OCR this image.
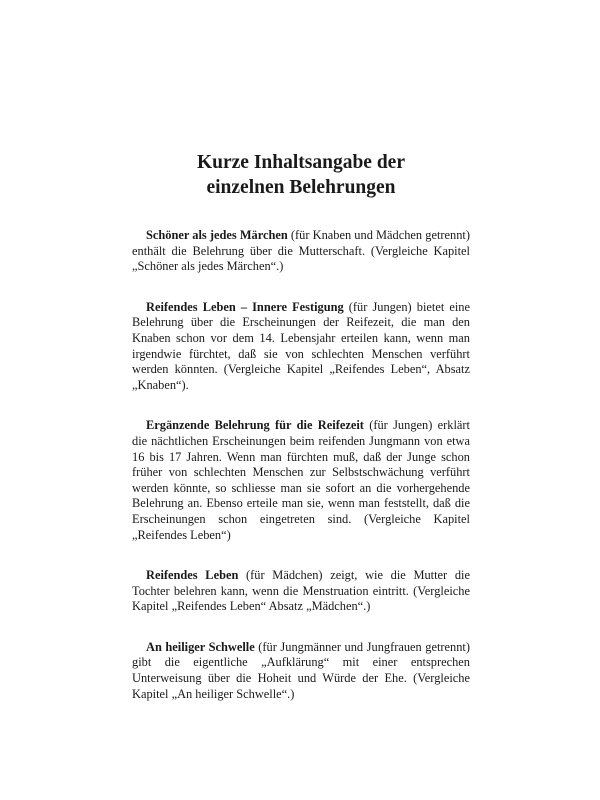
Kurze Inhaltsangabe der
einzelnen Belehrungen

Schöner als jedes Märchen (für Knaben und Mädchen getrennt) enthält die Belehrung über die Mutterschaft. (Vergleiche Kapitel „Schöner als jedes Märchen“.)

Reifendes Leben – Innere Festigung (für Jungen) bietet eine Belehrung über die Erscheinungen der Reifezeit, die man den Knaben schon vor dem 14. Lebensjahr erteilen kann, wenn man irgendwie fürchtet, daß sie von schlechten Menschen verführt werden könnten. (Vergleiche Kapitel „Reifendes Leben“, Absatz „Knaben“).

Ergänzende Belehrung für die Reifezeit (für Jungen) erklärt die nächtlichen Erscheinungen beim reifenden Jungmann von etwa 16 bis 17 Jahren. Wenn man fürchten muß, daß der Junge schon früher von schlechten Menschen zur Selbstschwächung verführt werden könnte, so schliesse man sie sofort an die vorhergehende Belehrung an. Ebenso erteile man sie, wenn man feststellt, daß die Erscheinungen schon eingetreten sind. (Vergleiche Kapitel „Reifendes Leben“)

Reifendes Leben (für Mädchen) zeigt, wie die Mutter die Tochter belehren kann, wenn die Menstruation eintritt. (Vergleiche Kapitel „Reifendes Leben“ Absatz „Mädchen“.)

An heiliger Schwelle (für Jungmänner und Jungfrauen getrennt) gibt die eigentliche „Aufklärung“ mit einer entsprechen Unterweisung über die Hoheit und Würde der Ehe. (Vergleiche Kapitel „An heiliger Schwelle“.)
